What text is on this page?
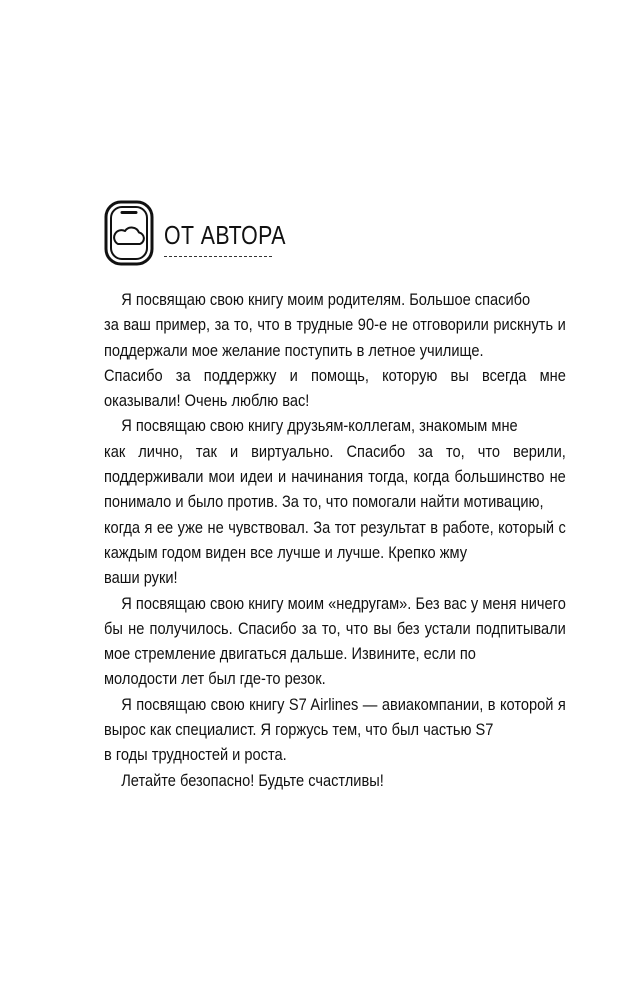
ОТ АВТОРА

Я посвящаю свою книгу моим родителям. Большое спасибо
за ваш пример, за то, что в трудные 90-е не отговорили рискнуть и поддержали мое желание поступить в летное училище.
Спасибо за поддержку и помощь, которую вы всегда мне оказывали! Очень люблю вас!

Я посвящаю свою книгу друзьям-коллегам, знакомым мне
как лично, так и виртуально. Спасибо за то, что верили, поддерживали мои идеи и начинания тогда, когда большинство не понимало и было против. За то, что помогали найти мотивацию,
когда я ее уже не чувствовал. За тот результат в работе, который с каждым годом виден все лучше и лучше. Крепко жму
ваши руки!

Я посвящаю свою книгу моим «недругам». Без вас у меня ничего бы не получилось. Спасибо за то, что вы без устали подпитывали мое стремление двигаться дальше. Извините, если по
молодости лет был где-то резок.

Я посвящаю свою книгу S7 Airlines — авиакомпании, в которой я вырос как специалист. Я горжусь тем, что был частью S7
в годы трудностей и роста.

Летайте безопасно! Будьте счастливы!
